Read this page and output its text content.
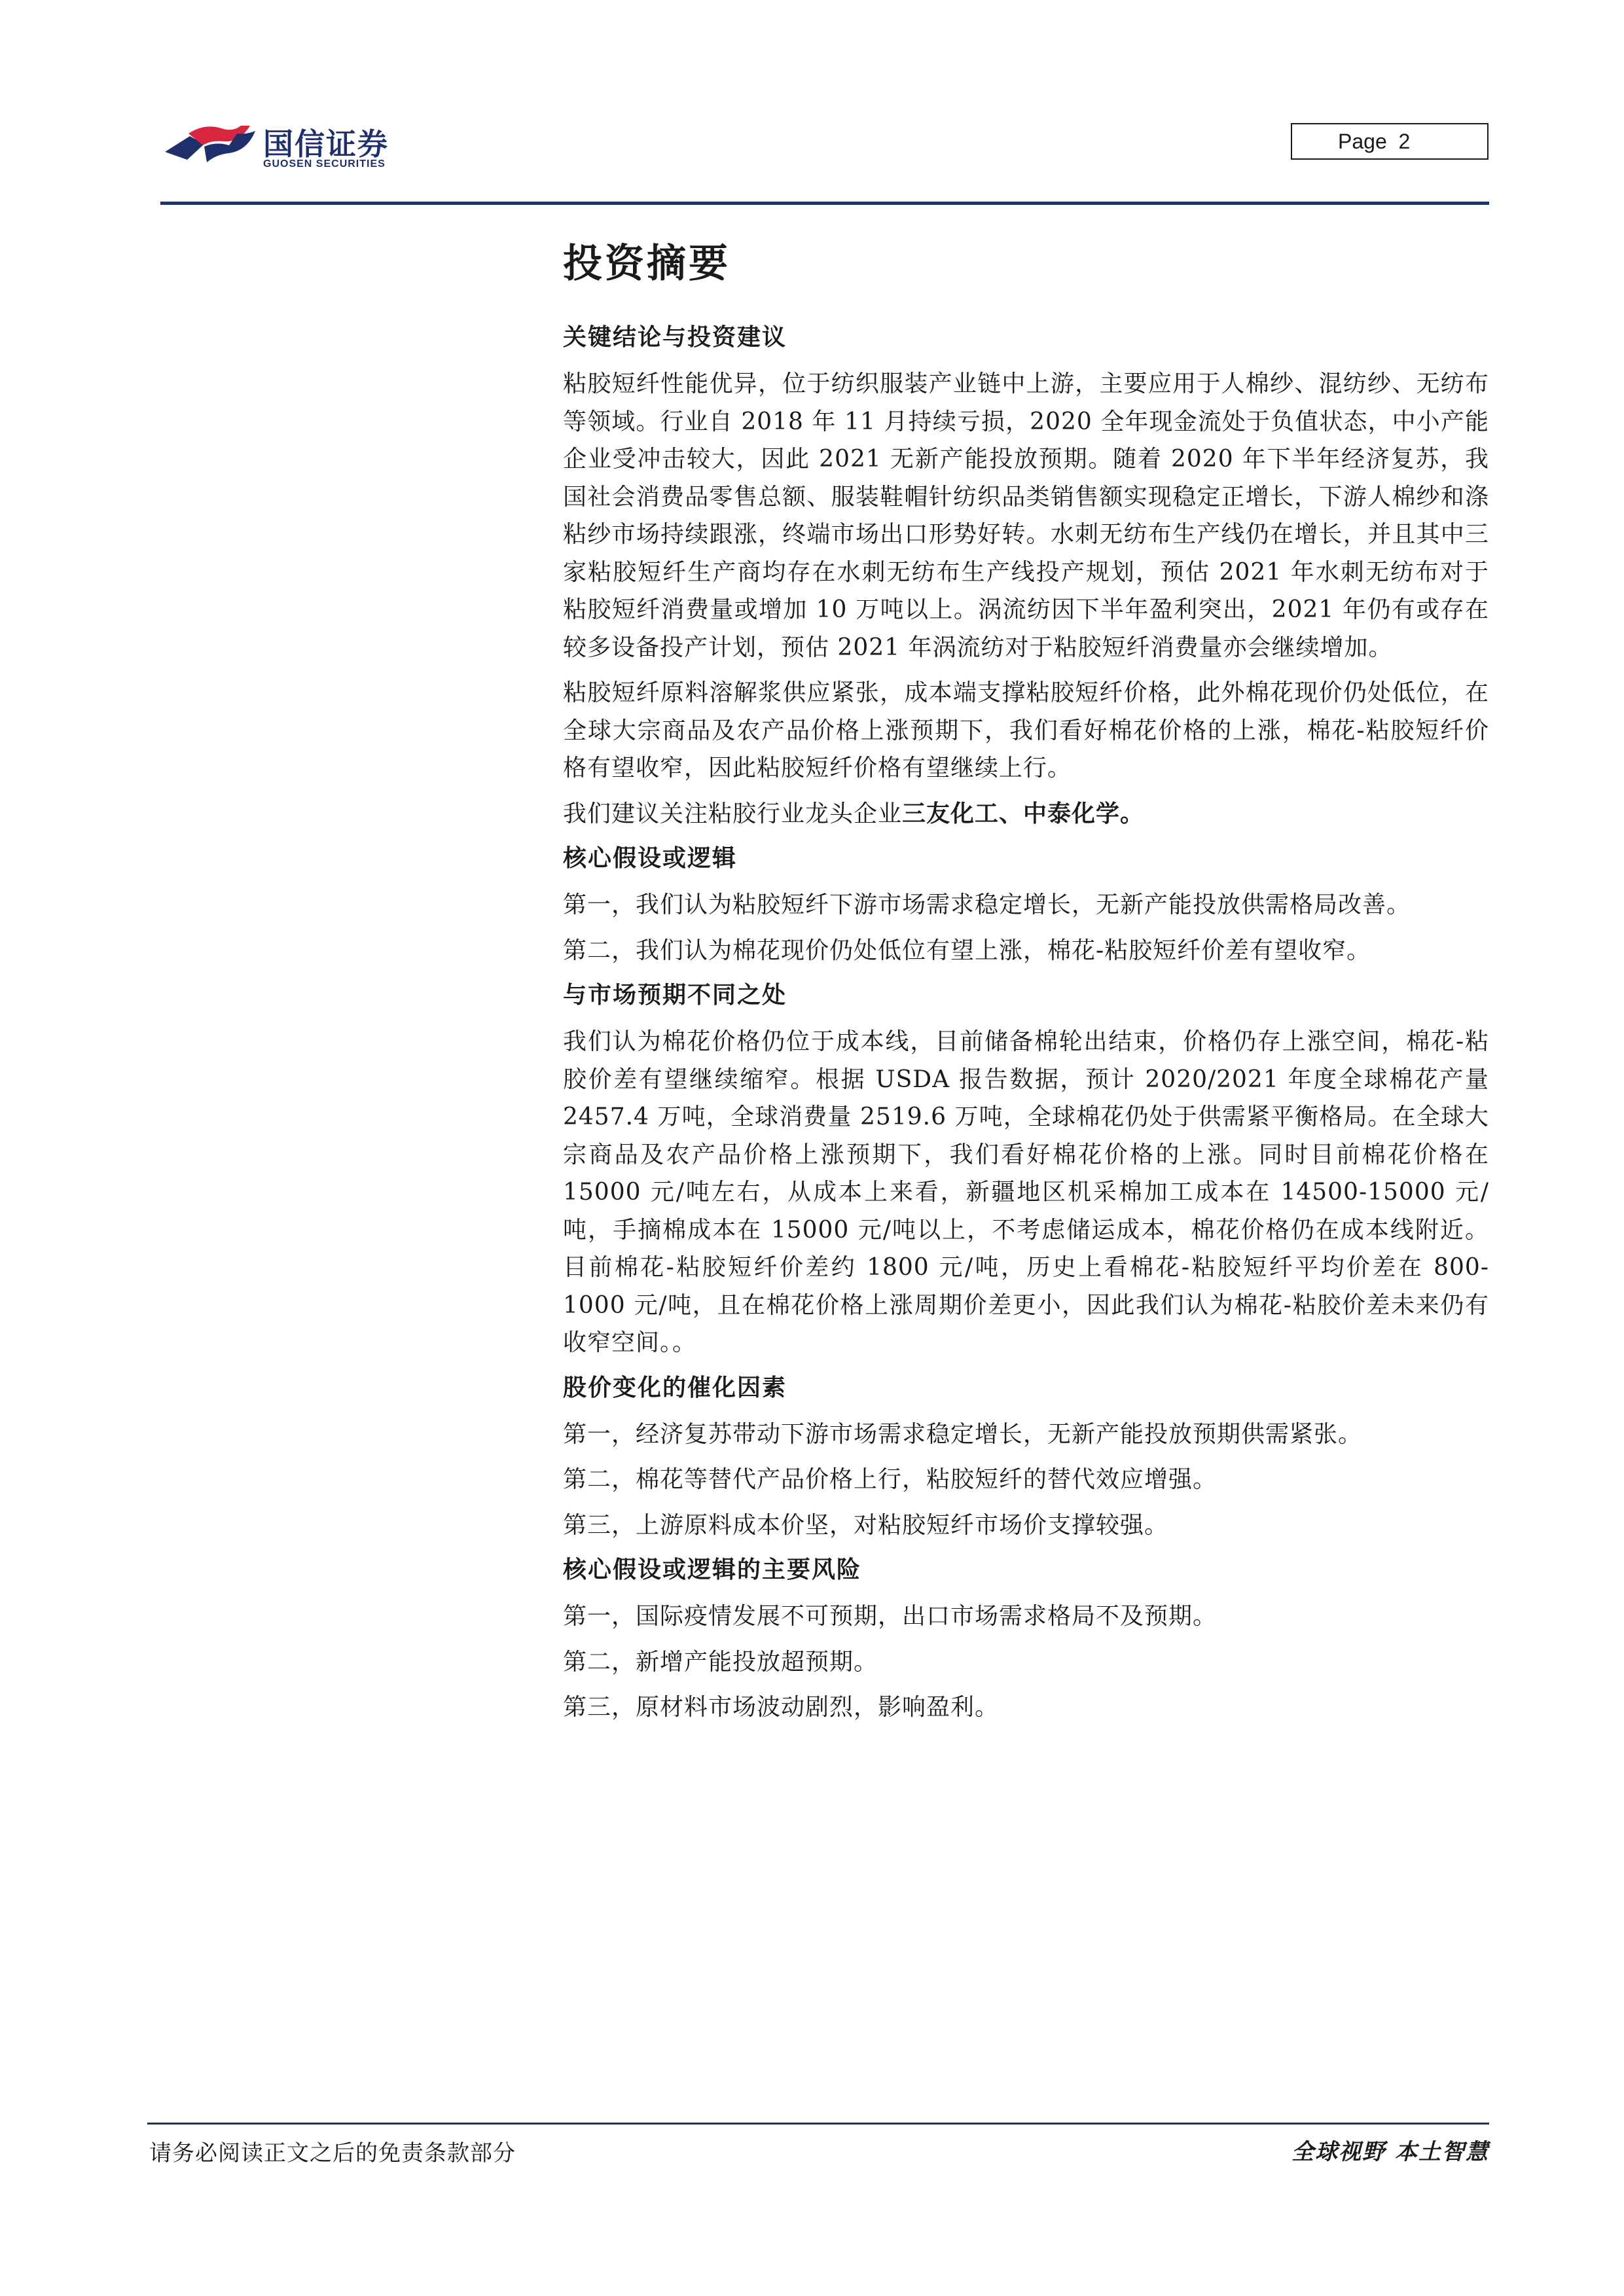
国信证券
GUOSEN SECURITIES
Page
2
投资摘要
关键结论与投资建议

粘胶短纤性能优异，位于纺织服装产业链中上游，主要应用于人棉纱、混纺纱、无纺布等领域。行业自 2018 年 11 月持续亏损，2020 全年现金流处于负值状态，中小产能企业受冲击较大，因此 2021 无新产能投放预期。随着 2020 年下半年经济复苏，我国社会消费品零售总额、服装鞋帽针纺织品类销售额实现稳定正增长，下游人棉纱和涤粘纱市场持续跟涨，终端市场出口形势好转。水刺无纺布生产线仍在增长，并且其中三家粘胶短纤生产商均存在水刺无纺布生产线投产规划，预估 2021 年水刺无纺布对于粘胶短纤消费量或增加 10 万吨以上。涡流纺因下半年盈利突出，2021 年仍有或存在较多设备投产计划，预估 2021 年涡流纺对于粘胶短纤消费量亦会继续增加。

粘胶短纤原料溶解浆供应紧张，成本端支撑粘胶短纤价格，此外棉花现价仍处低位，在全球大宗商品及农产品价格上涨预期下，我们看好棉花价格的上涨，棉花-粘胶短纤价格有望收窄，因此粘胶短纤价格有望继续上行。

我们建议关注粘胶行业龙头企业三友化工、中泰化学。

核心假设或逻辑

第一，我们认为粘胶短纤下游市场需求稳定增长，无新产能投放供需格局改善。

第二，我们认为棉花现价仍处低位有望上涨，棉花-粘胶短纤价差有望收窄。

与市场预期不同之处

我们认为棉花价格仍位于成本线，目前储备棉轮出结束，价格仍存上涨空间，棉花-粘胶价差有望继续缩窄。根据 USDA 报告数据，预计 2020/2021 年度全球棉花产量 2457.4 万吨，全球消费量 2519.6 万吨，全球棉花仍处于供需紧平衡格局。在全球大宗商品及农产品价格上涨预期下，我们看好棉花价格的上涨。同时目前棉花价格在 15000 元/吨左右，从成本上来看，新疆地区机采棉加工成本在 14500-15000 元/吨，手摘棉成本在 15000 元/吨以上，不考虑储运成本，棉花价格仍在成本线附近。目前棉花-粘胶短纤价差约 1800 元/吨，历史上看棉花-粘胶短纤平均价差在 800-1000 元/吨，且在棉花价格上涨周期价差更小，因此我们认为棉花-粘胶价差未来仍有收窄空间。。

股价变化的催化因素

第一，经济复苏带动下游市场需求稳定增长，无新产能投放预期供需紧张。

第二，棉花等替代产品价格上行，粘胶短纤的替代效应增强。

第三，上游原料成本价坚，对粘胶短纤市场价支撑较强。

核心假设或逻辑的主要风险

第一，国际疫情发展不可预期，出口市场需求格局不及预期。

第二，新增产能投放超预期。

第三，原材料市场波动剧烈，影响盈利。

请务必阅读正文之后的免责条款部分	全球视野 本土智慧
